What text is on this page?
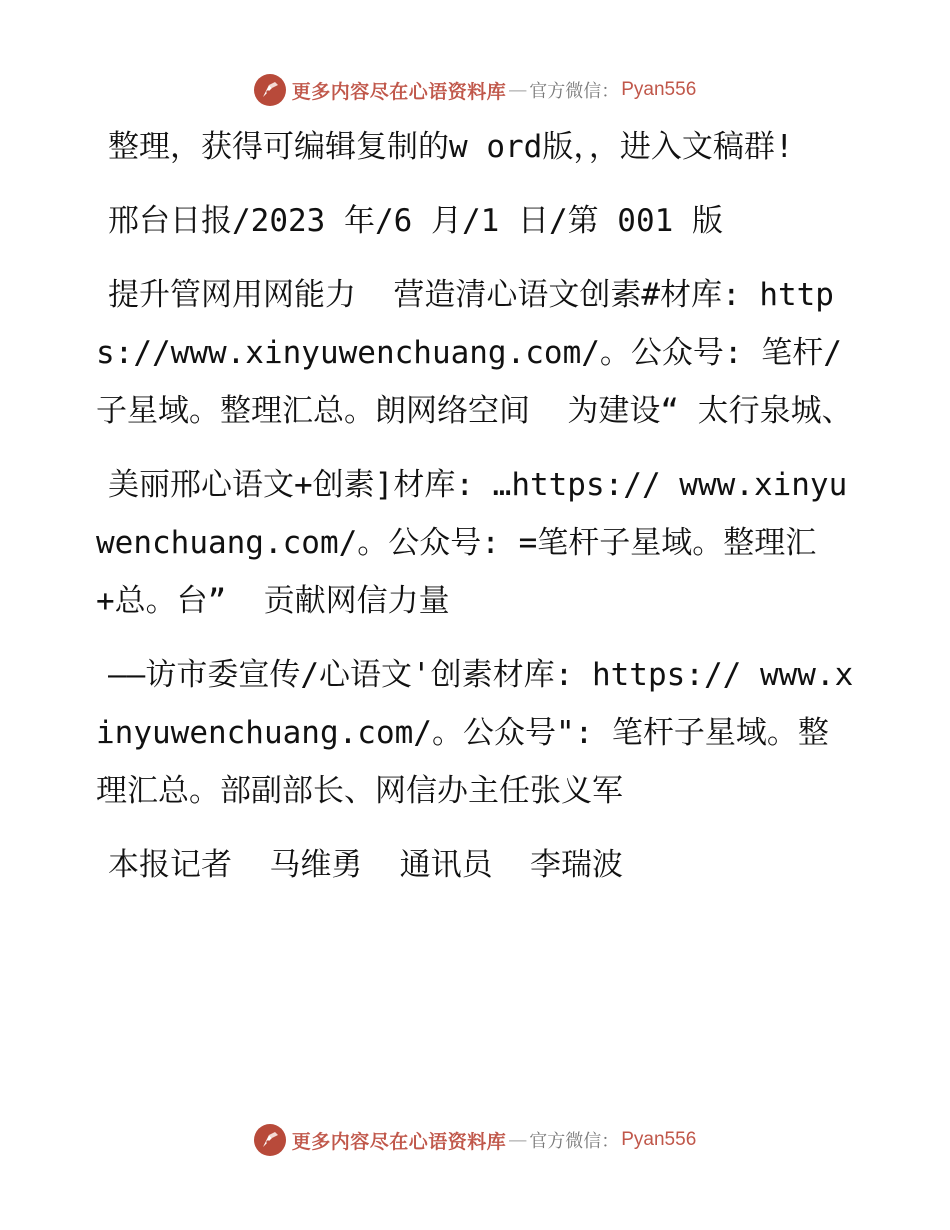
更多内容尽在心语资料库 — 官方微信： Pyan556

整理，获得可编辑复制的w ord版，，进入文稿群!

邢台日报/2023 年/6 月/1 日/第 001 版

提升管网用网能力  营造清心语文创素#材库: https://www.xinyuwenchuang.com/。公众号: 笔杆/子星域。整理汇总。朗网络空间  为建设“ 太行泉城、

美丽邢心语文+创素]材库: …https:// www.xinyuwenchuang.com/。公众号: =笔杆子星域。整理汇+总。台”  贡献网信力量

——访市委宣传/心语文'创素材库: https:// www.xinyuwenchuang.com/。公众号": 笔杆子星域。整理汇总。部副部长、网信办主任张义军

本报记者  马维勇  通讯员  李瑞波

更多内容尽在心语资料库 — 官方微信： Pyan556
